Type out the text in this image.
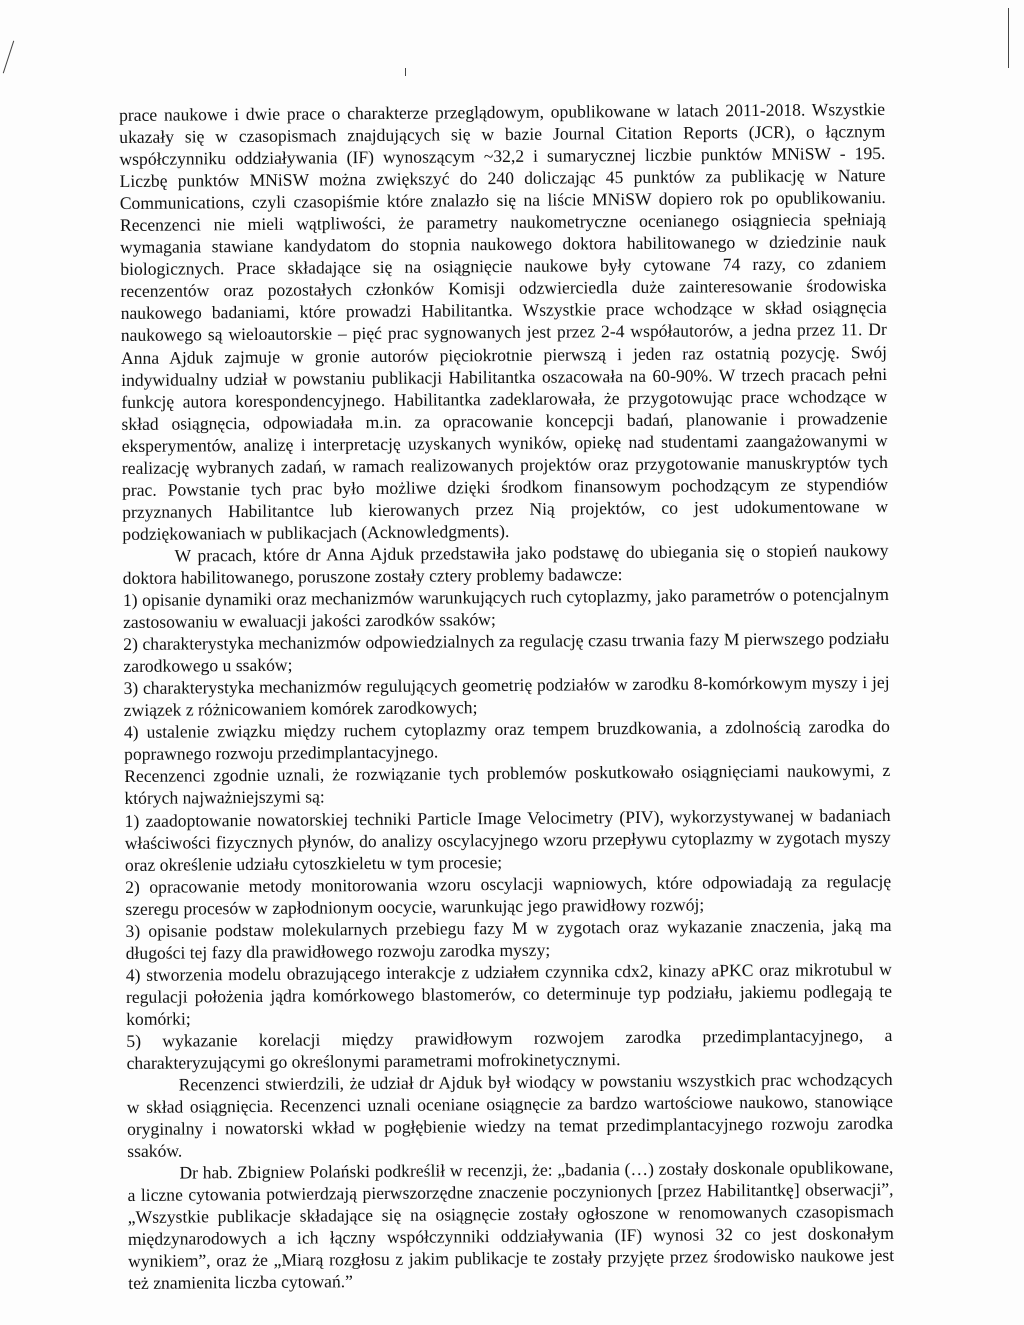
prace naukowe i dwie prace o charakterze przeglądowym, opublikowane w latach 2011-2018. Wszystkie ukazały się w czasopismach znajdujących się w bazie Journal Citation Reports (JCR), o łącznym współczynniku oddziaływania (IF) wynoszącym ~32,2 i sumarycznej liczbie punktów MNiSW - 195. Liczbę punktów MNiSW można zwiększyć do 240 doliczając 45 punktów za publikację w Nature Communications, czyli czasopiśmie które znalazło się na liście MNiSW dopiero rok po opublikowaniu. Recenzenci nie mieli wątpliwości, że parametry naukometryczne ocenianego osiągniecia spełniają wymagania stawiane kandydatom do stopnia naukowego doktora habilitowanego w dziedzinie nauk biologicznych. Prace składające się na osiągnięcie naukowe były cytowane 74 razy, co zdaniem recenzentów oraz pozostałych członków Komisji odzwierciedla duże zainteresowanie środowiska naukowego badaniami, które prowadzi Habilitantka. Wszystkie prace wchodzące w skład osiągnęcia naukowego są wieloautorskie – pięć prac sygnowanych jest przez 2-4 współautorów, a jedna przez 11. Dr Anna Ajduk zajmuje w gronie autorów pięciokrotnie pierwszą i jeden raz ostatnią pozycję. Swój indywidualny udział w powstaniu publikacji Habilitantka oszacowała na 60-90%. W trzech pracach pełni funkcję autora korespondencyjnego. Habilitantka zadeklarowała, że przygotowując prace wchodzące w skład osiągnęcia, odpowiadała m.in. za opracowanie koncepcji badań, planowanie i prowadzenie eksperymentów, analizę i interpretację uzyskanych wyników, opiekę nad studentami zaangażowanymi w realizację wybranych zadań, w ramach realizowanych projektów oraz przygotowanie manuskryptów tych prac. Powstanie tych prac było możliwe dzięki środkom finansowym pochodzącym ze stypendiów przyznanych Habilitantce lub kierowanych przez Nią projektów, co jest udokumentowane w podziękowaniach w publikacjach (Acknowledgments).

W pracach, które dr Anna Ajduk przedstawiła jako podstawę do ubiegania się o stopień naukowy doktora habilitowanego, poruszone zostały cztery problemy badawcze:

1) opisanie dynamiki oraz mechanizmów warunkujących ruch cytoplazmy, jako parametrów o potencjalnym zastosowaniu w ewaluacji jakości zarodków ssaków;

2) charakterystyka mechanizmów odpowiedzialnych za regulację czasu trwania fazy M pierwszego podziału zarodkowego u ssaków;

3) charakterystyka mechanizmów regulujących geometrię podziałów w zarodku 8-komórkowym myszy i jej związek z różnicowaniem komórek zarodkowych;

4) ustalenie związku między ruchem cytoplazmy oraz tempem bruzdkowania, a zdolnością zarodka do poprawnego rozwoju przedimplantacyjnego.

Recenzenci zgodnie uznali, że rozwiązanie tych problemów poskutkowało osiągnięciami naukowymi, z których najważniejszymi są:

1) zaadoptowanie nowatorskiej techniki Particle Image Velocimetry (PIV), wykorzystywanej w badaniach właściwości fizycznych płynów, do analizy oscylacyjnego wzoru przepływu cytoplazmy w zygotach myszy oraz określenie udziału cytoszkieletu w tym procesie;

2) opracowanie metody monitorowania wzoru oscylacji wapniowych, które odpowiadają za regulację szeregu procesów w zapłodnionym oocycie, warunkując jego prawidłowy rozwój;

3) opisanie podstaw molekularnych przebiegu fazy M w zygotach oraz wykazanie znaczenia, jaką ma długości tej fazy dla prawidłowego rozwoju zarodka myszy;

4) stworzenia modelu obrazującego interakcje z udziałem czynnika cdx2, kinazy aPKC oraz mikrotubul w regulacji położenia jądra komórkowego blastomerów, co determinuje typ podziału, jakiemu podlegają te komórki;

5) wykazanie korelacji między prawidłowym rozwojem zarodka przedimplantacyjnego, a charakteryzującymi go określonymi parametrami mofrokinetycznymi.

Recenzenci stwierdzili, że udział dr Ajduk był wiodący w powstaniu wszystkich prac wchodzących w skład osiągnięcia. Recenzenci uznali oceniane osiągnęcie za bardzo wartościowe naukowo, stanowiące oryginalny i nowatorski wkład w pogłębienie wiedzy na temat przedimplantacyjnego rozwoju zarodka ssaków.

Dr hab. Zbigniew Polański podkreślił w recenzji, że: „badania (…) zostały doskonale opublikowane, a liczne cytowania potwierdzają pierwszorzędne znaczenie poczynionych [przez Habilitantkę] obserwacji”, „Wszystkie publikacje składające się na osiągnęcie zostały ogłoszone w renomowanych czasopismach międzynarodowych a ich łączny współczynniki oddziaływania (IF) wynosi 32 co jest doskonałym wynikiem”, oraz że „Miarą rozgłosu z jakim publikacje te zostały przyjęte przez środowisko naukowe jest też znamienita liczba cytowań.”
